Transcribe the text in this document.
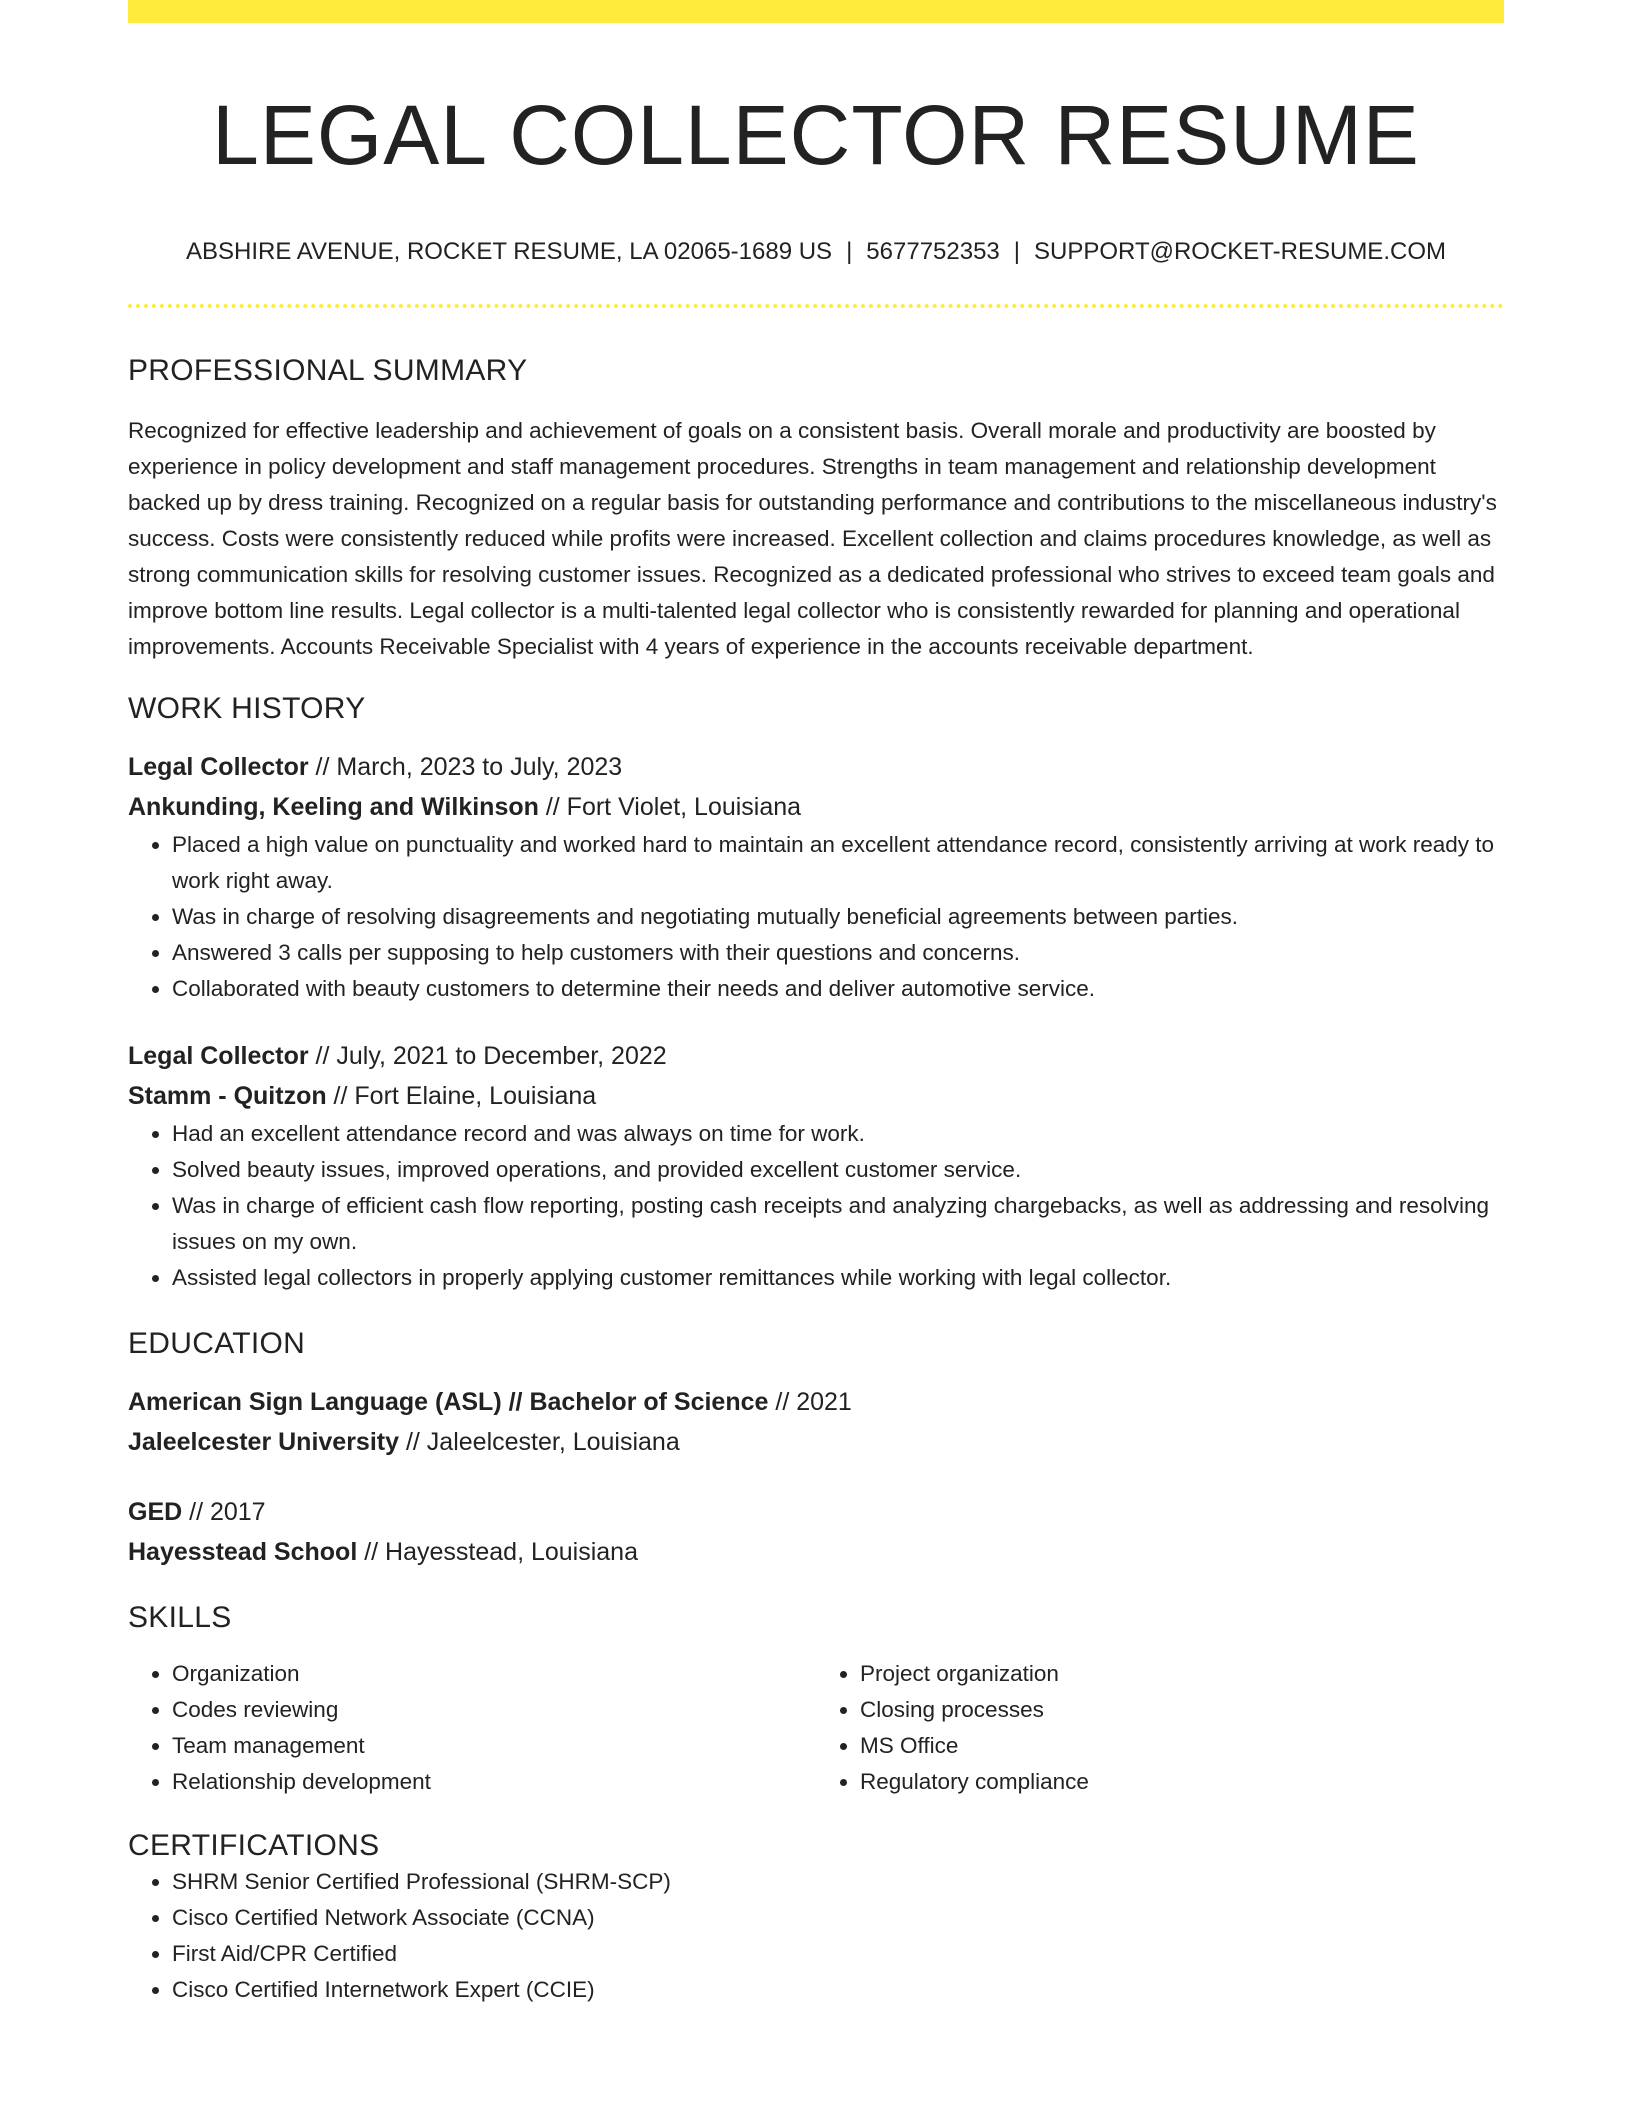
LEGAL COLLECTOR RESUME
ABSHIRE AVENUE, ROCKET RESUME, LA 02065-1689 US | 5677752353 | SUPPORT@ROCKET-RESUME.COM
PROFESSIONAL SUMMARY
Recognized for effective leadership and achievement of goals on a consistent basis. Overall morale and productivity are boosted by experience in policy development and staff management procedures. Strengths in team management and relationship development backed up by dress training. Recognized on a regular basis for outstanding performance and contributions to the miscellaneous industry's success. Costs were consistently reduced while profits were increased. Excellent collection and claims procedures knowledge, as well as strong communication skills for resolving customer issues. Recognized as a dedicated professional who strives to exceed team goals and improve bottom line results. Legal collector is a multi-talented legal collector who is consistently rewarded for planning and operational improvements. Accounts Receivable Specialist with 4 years of experience in the accounts receivable department.
WORK HISTORY
Legal Collector // March, 2023 to July, 2023
Ankunding, Keeling and Wilkinson // Fort Violet, Louisiana
• Placed a high value on punctuality and worked hard to maintain an excellent attendance record, consistently arriving at work ready to work right away.
• Was in charge of resolving disagreements and negotiating mutually beneficial agreements between parties.
• Answered 3 calls per supposing to help customers with their questions and concerns.
• Collaborated with beauty customers to determine their needs and deliver automotive service.
Legal Collector // July, 2021 to December, 2022
Stamm - Quitzon // Fort Elaine, Louisiana
• Had an excellent attendance record and was always on time for work.
• Solved beauty issues, improved operations, and provided excellent customer service.
• Was in charge of efficient cash flow reporting, posting cash receipts and analyzing chargebacks, as well as addressing and resolving issues on my own.
• Assisted legal collectors in properly applying customer remittances while working with legal collector.
EDUCATION
American Sign Language (ASL) // Bachelor of Science // 2021
Jaleelcester University // Jaleelcester, Louisiana
GED // 2017
Hayesstead School // Hayesstead, Louisiana
SKILLS
• Organization
• Codes reviewing
• Team management
• Relationship development
• Project organization
• Closing processes
• MS Office
• Regulatory compliance
CERTIFICATIONS
• SHRM Senior Certified Professional (SHRM-SCP)
• Cisco Certified Network Associate (CCNA)
• First Aid/CPR Certified
• Cisco Certified Internetwork Expert (CCIE)
